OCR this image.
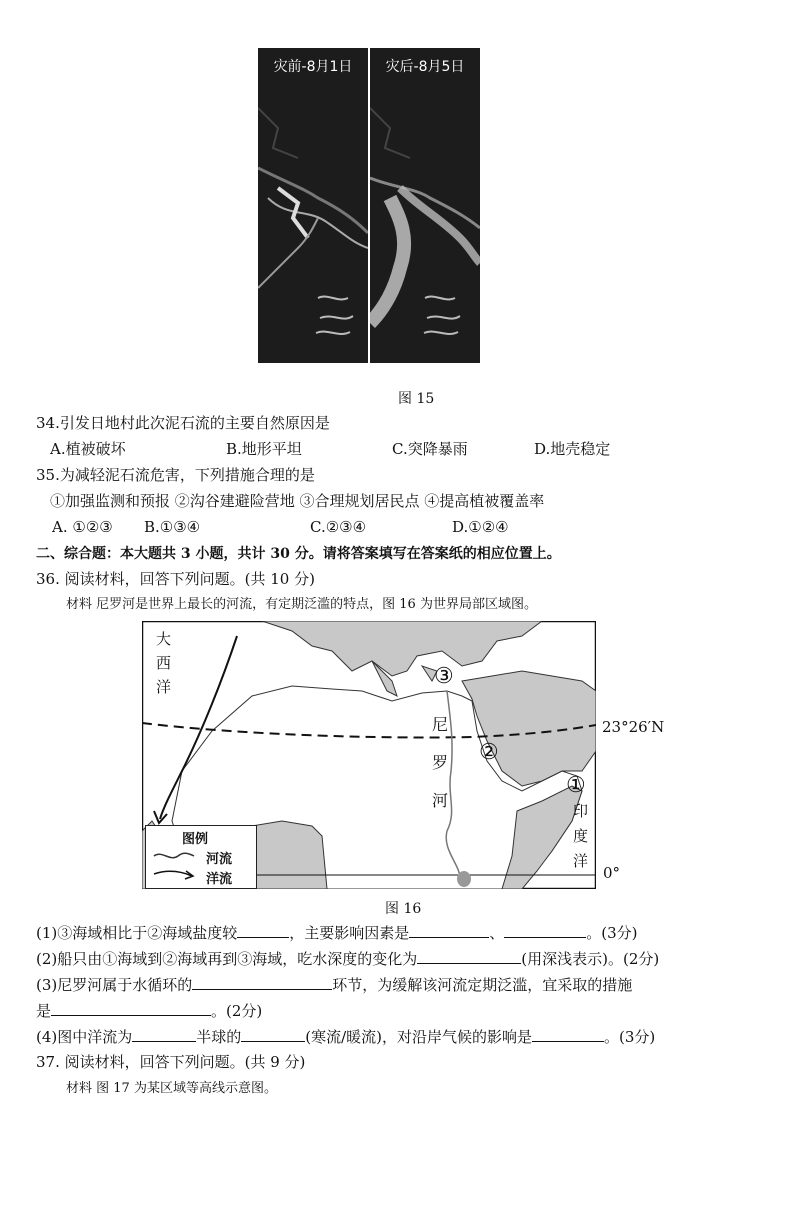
灾前-8月1日	灾后-8月5日
图 15
34.引发日地村此次泥石流的主要自然原因是
A.植被破坏	B.地形平坦	C.突降暴雨	D.地壳稳定
35.为减轻泥石流危害，下列措施合理的是
①加强监测和预报 ②沟谷建避险营地 ③合理规划居民点 ④提高植被覆盖率
A. ①②③ B.①③④	C.②③④	D.①②④
二、综合题：本大题共 3 小题，共计 30 分。请将答案填写在答案纸的相应位置上。
36. 阅读材料，回答下列问题。(共 10 分)
材料 尼罗河是世界上最长的河流，有定期泛滥的特点，图 16 为世界局部区域图。
大
西
洋
尼
罗
河
印
度
洋
③
②
①
23°26′N
0°
图例
河流
洋流
图 16
(1)③海域相比于②海域盐度较	，主要影响因素是	、	。(3分)
(2)船只由①海域到②海域再到③海域，吃水深度的变化为	(用深浅表示)。(2分)
(3)尼罗河属于水循环的	环节，为缓解该河流定期泛滥，宜采取的措施
是	。(2分)
(4)图中洋流为	半球的	(寒流/暖流)，对沿岸气候的影响是	。(3分)
37. 阅读材料，回答下列问题。(共 9 分)
材料 图 17 为某区域等高线示意图。
